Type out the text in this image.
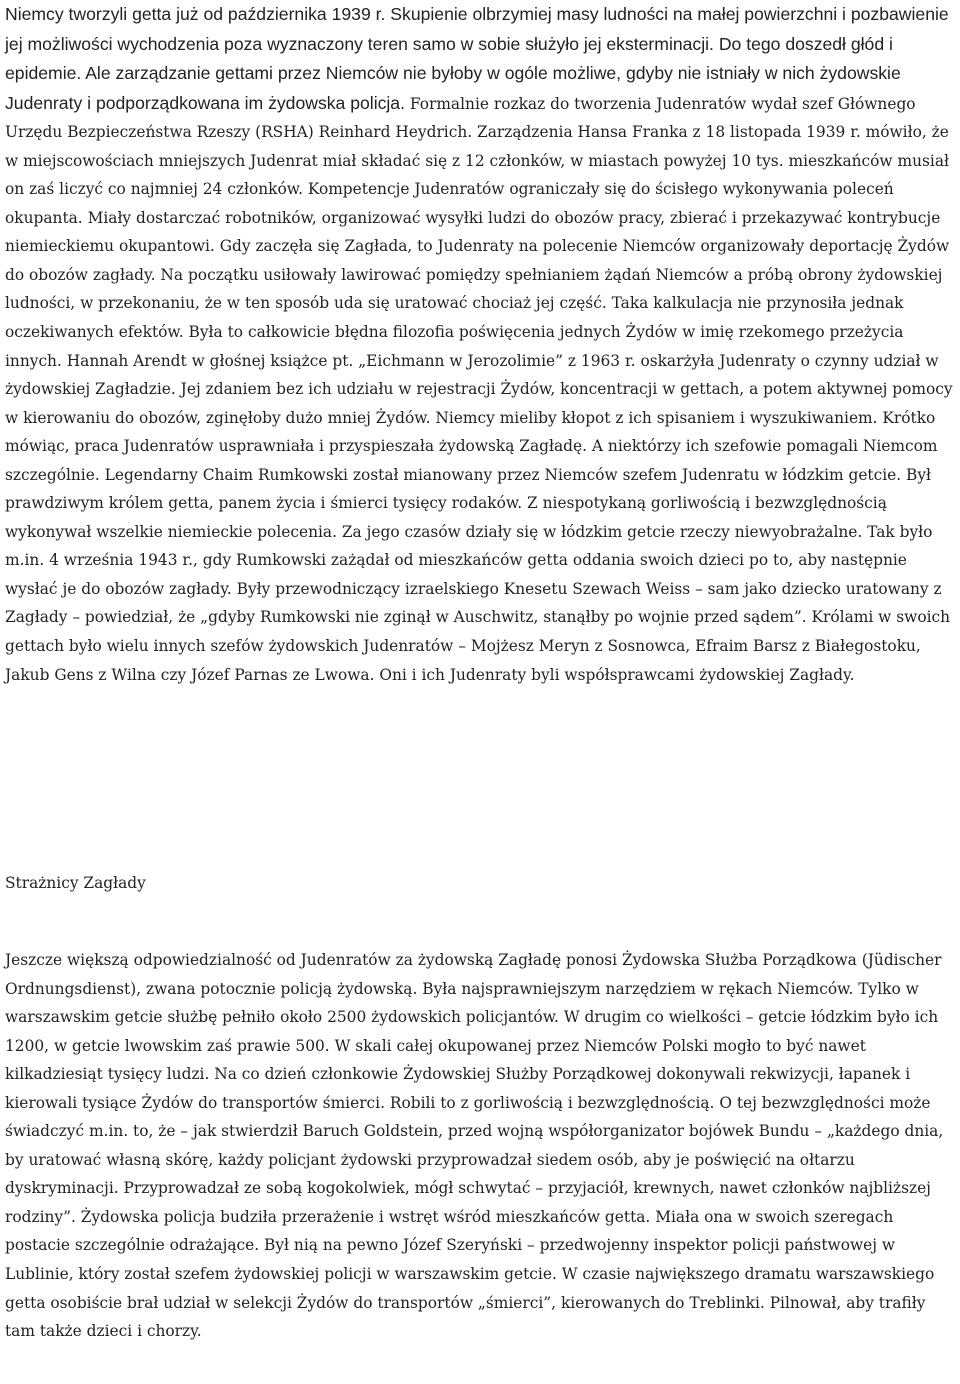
Niemcy tworzyli getta już od października 1939 r. Skupienie olbrzymiej masy ludności na małej powierzchni i pozbawienie jej możliwości wychodzenia poza wyznaczony teren samo w sobie służyło jej eksterminacji. Do tego doszedł głód i epidemie. Ale zarządzanie gettami przez Niemców nie byłoby w ogóle możliwe, gdyby nie istniały w nich żydowskie Judenraty i podporządkowana im żydowska policja. Formalnie rozkaz do tworzenia Judenratów wydał szef Głównego Urzędu Bezpieczeństwa Rzeszy (RSHA) Reinhard Heydrich. Zarządzenia Hansa Franka z 18 listopada 1939 r. mówiło, że w miejscowościach mniejszych Judenrat miał składać się z 12 członków, w miastach powyżej 10 tys. mieszkańców musiał on zaś liczyć co najmniej 24 członków. Kompetencje Judenratów ograniczały się do ścisłego wykonywania poleceń okupanta. Miały dostarczać robotników, organizować wysyłki ludzi do obozów pracy, zbierać i przekazywać kontrybucje niemieckiemu okupantowi. Gdy zaczęła się Zagłada, to Judenraty na polecenie Niemców organizowały deportację Żydów do obozów zagłady. Na początku usiłowały lawirować pomiędzy spełnianiem żądań Niemców a próbą obrony żydowskiej ludności, w przekonaniu, że w ten sposób uda się uratować chociaż jej część. Taka kalkulacja nie przynosiła jednak oczekiwanych efektów. Była to całkowicie błędna filozofia poświęcenia jednych Żydów w imię rzekomego przeżycia innych. Hannah Arendt w głośnej książce pt. „Eichmann w Jerozolimie” z 1963 r. oskarżyła Judenraty o czynny udział w żydowskiej Zagładzie. Jej zdaniem bez ich udziału w rejestracji Żydów, koncentracji w gettach, a potem aktywnej pomocy w kierowaniu do obozów, zginęłoby dużo mniej Żydów. Niemcy mieliby kłopot z ich spisaniem i wyszukiwaniem. Krótko mówiąc, praca Judenratów usprawniała i przyspieszała żydowską Zagładę. A niektórzy ich szefowie pomagali Niemcom szczególnie. Legendarny Chaim Rumkowski został mianowany przez Niemców szefem Judenratu w łódzkim getcie. Był prawdziwym królem getta, panem życia i śmierci tysięcy rodaków. Z niespotykaną gorliwością i bezwzględnością wykonywał wszelkie niemieckie polecenia. Za jego czasów działy się w łódzkim getcie rzeczy niewyobrażalne. Tak było m.in. 4 września 1943 r., gdy Rumkowski zażądał od mieszkańców getta oddania swoich dzieci po to, aby następnie wysłać je do obozów zagłady. Były przewodniczący izraelskiego Knesetu Szewach Weiss – sam jako dziecko uratowany z Zagłady – powiedział, że „gdyby Rumkowski nie zginął w Auschwitz, stanąłby po wojnie przed sądem”. Królami w swoich gettach było wielu innych szefów żydowskich Judenratów – Mojżesz Meryn z Sosnowca, Efraim Barsz z Białegostoku, Jakub Gens z Wilna czy Józef Parnas ze Lwowa. Oni i ich Judenraty byli współsprawcami żydowskiej Zagłady.

Strażnicy Zagłady

Jeszcze większą odpowiedzialność od Judenratów za żydowską Zagładę ponosi Żydowska Służba Porządkowa (Jüdischer Ordnungsdienst), zwana potocznie policją żydowską. Była najsprawniejszym narzędziem w rękach Niemców. Tylko w warszawskim getcie służbę pełniło około 2500 żydowskich policjantów. W drugim co wielkości – getcie łódzkim było ich 1200, w getcie lwowskim zaś prawie 500. W skali całej okupowanej przez Niemców Polski mogło to być nawet kilkadziesiąt tysięcy ludzi. Na co dzień członkowie Żydowskiej Służby Porządkowej dokonywali rekwizycji, łapanek i kierowali tysiące Żydów do transportów śmierci. Robili to z gorliwością i bezwzględnością. O tej bezwzględności może świadczyć m.in. to, że – jak stwierdził Baruch Goldstein, przed wojną współorganizator bojówek Bundu – „każdego dnia, by uratować własną skórę, każdy policjant żydowski przyprowadzał siedem osób, aby je poświęcić na ołtarzu dyskryminacji. Przyprowadzał ze sobą kogokolwiek, mógł schwytać – przyjaciół, krewnych, nawet członków najbliższej rodziny”. Żydowska policja budziła przerażenie i wstręt wśród mieszkańców getta. Miała ona w swoich szeregach postacie szczególnie odrażające. Był nią na pewno Józef Szeryński – przedwojenny inspektor policji państwowej w Lublinie, który został szefem żydowskiej policji w warszawskim getcie. W czasie największego dramatu warszawskiego getta osobiście brał udział w selekcji Żydów do transportów „śmierci”, kierowanych do Treblinki. Pilnował, aby trafiły tam także dzieci i chorzy.
